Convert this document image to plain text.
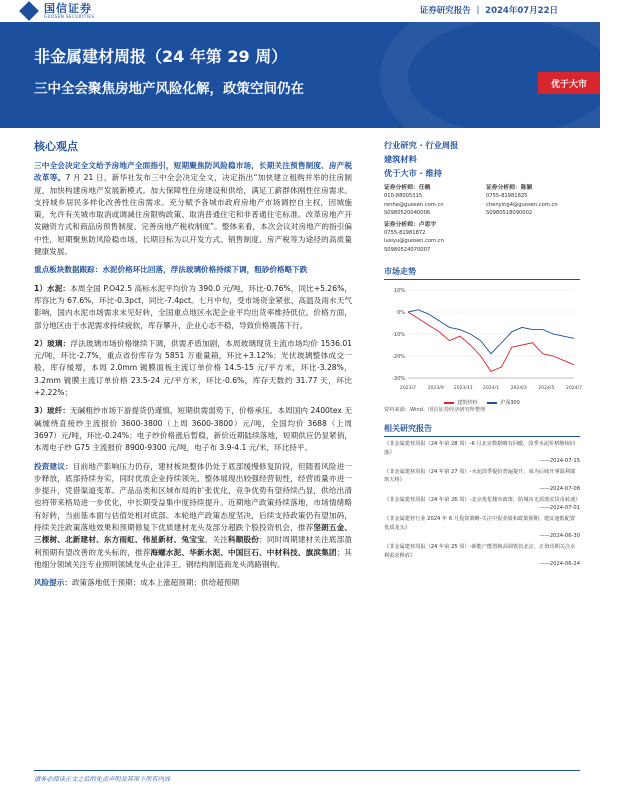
国信证券
GUOSEN SECURITIES
证券研究报告 ｜ 2024年07月22日
非金属建材周报（24 年第 29 周）
三中全会聚焦房地产风险化解，政策空间仍在	优于大市
核心观点

三中全会决定全文给予房地产全面指引，短期聚焦防风险稳市场，长期关注预售制度、房产税改革等。7 月 21 日，新华社发布三中全会决定全文，决定指出“加快建立租购并举的住房制度，加快构建房地产发展新模式。加大保障性住房建设和供给，满足工薪群体刚性住房需求。支持城乡居民多样化改善性住房需求。充分赋予各城市政府房地产市场调控自主权，因城施策，允许有关城市取消或调减住房限购政策、取消普通住宅和非普通住宅标准。改革房地产开发融资方式和商品房预售制度。完善房地产税收制度”。整体来看，本次会议对房地产的指引偏中性，短期聚焦防风险稳市场，长期目标为以开发方式、销售制度、房产税等为途径的高质量健康发展。

重点板块数据跟踪：水泥价格环比回落，浮法玻璃价格持续下调，粗砂价格略下跌

1）水泥：本周全国 P.O42.5 高标水泥平均价为 390.0 元/吨，环比-0.76%，同比+5.26%，库容比为 67.6%，环比-0.3pct，同比-7.4pct。七月中旬，受市场资金紧张、高温及雨水天气影响，国内水泥市场需求未见好转，全国重点地区水泥企业平均出货率维持低位。价格方面，部分地区由于水泥需求持续疲软，库存攀升，企业心态不稳，导致价格震荡下行。

2）玻璃：浮法玻璃市场价格继续下调，供需矛盾加剧，本周玻璃现货主流市场均价 1536.01 元/吨，环比-2.7%，重点省份库存为 5851 万重量箱，环比+3.12%；光伏玻璃整体成交一般，库存缓增，本周 2.0mm 镀膜面板主流订单价格 14.5-15 元/平方米，环比-3.28%，3.2mm 镀膜主流订单价格 23.5-24 元/平方米，环比-0.6%，库存天数约 31.77 天，环比+2.22%；

3）玻纤：无碱粗纱市场下游提货仍谨慎，短期供需弱势下，价格承压。本周国内 2400tex 无碱缠绕直接纱主流报价 3600-3800（上周 3600-3800）元/吨，全国均价 3688（上周 3697）元/吨，环比-0.24%；电子纱价格涨后暂稳，新价近期陆续落地，短期供应仍显紧俏，本周电子纱 G75 主流报价 8900-9300 元/吨，电子布 3.9-4.1 元/米，环比持平。

投资建议：目前地产影响压力仍存，建材板块整体仍处于底部缓慢修复阶段，但随着风险进一步释放，底部持续夯实，同时优质企业持续领先，整体展现出较强经营韧性，经营质量亦进一步提升，凭借渠道变革、产品品类和区域布局的扩张优化，竞争优势有望持续凸显，供给出清也将带来格局进一步优化，中长期受益集中度持续提升。近期地产政策持续落地，市场情绪略有好转，当前基本面与估值处相对底部。本轮地产政策态度坚决，后续支持政策仍有望加码，持续关注政策落地效果和预期修复下优质建材龙头及部分超跌个股投资机会，推荐坚朗五金、三棵树、北新建材、东方雨虹、伟星新材、兔宝宝，关注科顺股份；同时周期建材关注底部盈利预期有望改善的龙头标的，推荐海螺水泥、华新水泥、中国巨石、中材科技、旗滨集团；其他细分领域关注专业照明领域龙头企业洋王、钢结构制造商龙头鸿路钢构。

风险提示：政策落地低于预期；成本上涨超预期；供给超预期

行业研究 · 行业周报
建筑材料
优于大市 · 维持
证券分析师：任鹤
010-88005315
renhe@guosen.com.cn
S0980520040006
证券分析师：陈颖
0755-81981825
chenying4@guosen.com.cn
S0980518090002
证券分析师：卢思宇
0755-81981872
lusiyu@guosen.com.cn
S0980524070007
市场走势
10%
0%
-10%
-20%
-30%
2023/7 2023/9 2023/11 2024/1 2024/3 2024/5 2024/7
建筑材料	沪深300
资料来源：Wind、国信证券经济研究所整理
相关研究报告
《非金属建材周报（24 年第 28 周）-6 月北京数据略有回暖，淡季水泥价格继续回落》
——2024-07-15
《非金属建材周报（24 年第 27 周）-水泥淡季提价普遍提升，成为后续开拿温利端筑天将》
——2024-07-08
《非金属建材周报（24 年第 26 周）-北京优化楼市政策，防城市无需落实货币转速》
——2024-07-01
《非金属建材行业 2024 年 6 月投资策略-关注中报业绩和政策预期，建议逢低配置优质龙头》
——2024-06-30
《非金属建材周报（24 年第 25 周）-新能产能置换高调铁仿北京，正值汛期关注水利需求释放》
——2024-06-24
请务必阅读正文之后的免责声明及其项下所有内容
